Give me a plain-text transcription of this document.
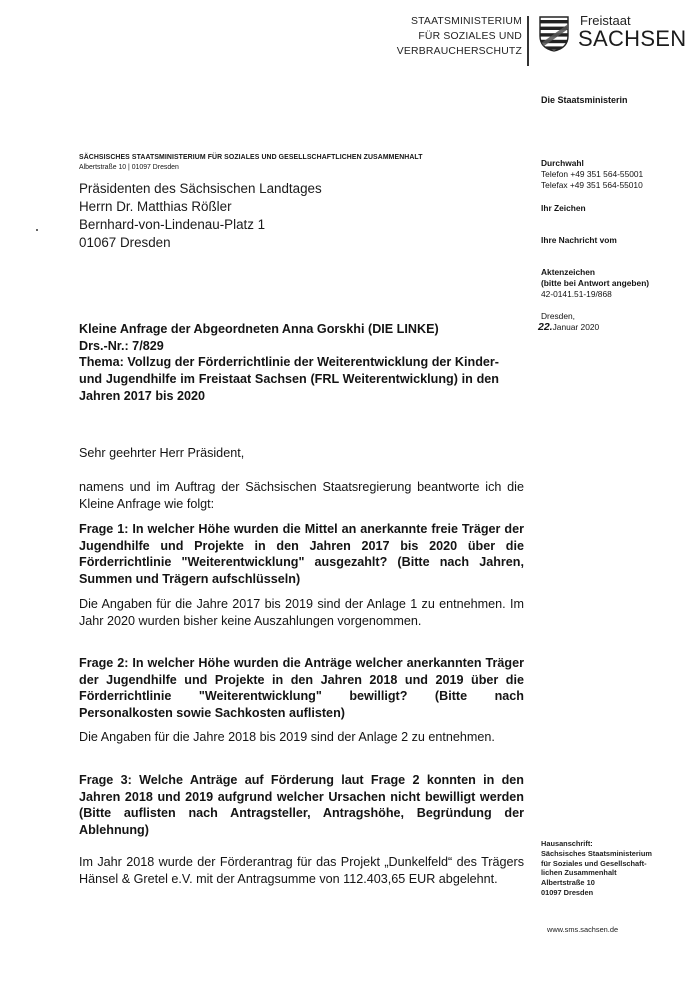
STAATSMINISTERIUM
FÜR SOZIALES UND
VERBRAUCHERSCHUTZ
Freistaat
SACHSEN
Die Staatsministerin
SÄCHSISCHES STAATSMINISTERIUM FÜR SOZIALES UND GESELLSCHAFTLICHEN ZUSAMMENHALT
Albertstraße 10 | 01097 Dresden
Präsidenten des Sächsischen Landtages
Herrn Dr. Matthias Rößler
Bernhard-von-Lindenau-Platz 1
01067 Dresden
Durchwahl
Telefon +49 351 564-55001
Telefax +49 351 564-55010
Ihr Zeichen
Ihre Nachricht vom
Aktenzeichen
(bitte bei Antwort angeben)
42-0141.51-19/868
Dresden,
22.Januar 2020
Kleine Anfrage der Abgeordneten Anna Gorskhi (DIE LINKE)
Drs.-Nr.: 7/829
Thema: Vollzug der Förderrichtlinie der Weiterentwicklung der Kinder- und Jugendhilfe im Freistaat Sachsen (FRL Weiterentwicklung) in den Jahren 2017 bis 2020
Sehr geehrter Herr Präsident,
namens und im Auftrag der Sächsischen Staatsregierung beantworte ich die Kleine Anfrage wie folgt:
Frage 1: In welcher Höhe wurden die Mittel an anerkannte freie Träger der Jugendhilfe und Projekte in den Jahren 2017 bis 2020 über die Förderrichtlinie "Weiterentwicklung" ausgezahlt? (Bitte nach Jahren, Summen und Trägern aufschlüsseln)
Die Angaben für die Jahre 2017 bis 2019 sind der Anlage 1 zu entnehmen. Im Jahr 2020 wurden bisher keine Auszahlungen vorgenommen.
Frage 2: In welcher Höhe wurden die Anträge welcher anerkannten Träger der Jugendhilfe und Projekte in den Jahren 2018 und 2019 über die Förderrichtlinie "Weiterentwicklung" bewilligt? (Bitte nach Personalkosten sowie Sachkosten auflisten)
Die Angaben für die Jahre 2018 bis 2019 sind der Anlage 2 zu entnehmen.
Frage 3: Welche Anträge auf Förderung laut Frage 2 konnten in den Jahren 2018 und 2019 aufgrund welcher Ursachen nicht bewilligt werden (Bitte auflisten nach Antragsteller, Antragshöhe, Begründung der Ablehnung)
Im Jahr 2018 wurde der Förderantrag für das Projekt „Dunkelfeld“ des Trägers Hänsel & Gretel e.V. mit der Antragsumme von 112.403,65 EUR abgelehnt.
Hausanschrift:
Sächsisches Staatsministerium
für Soziales und Gesellschaft-
lichen Zusammenhalt
Albertstraße 10
01097 Dresden
www.sms.sachsen.de
